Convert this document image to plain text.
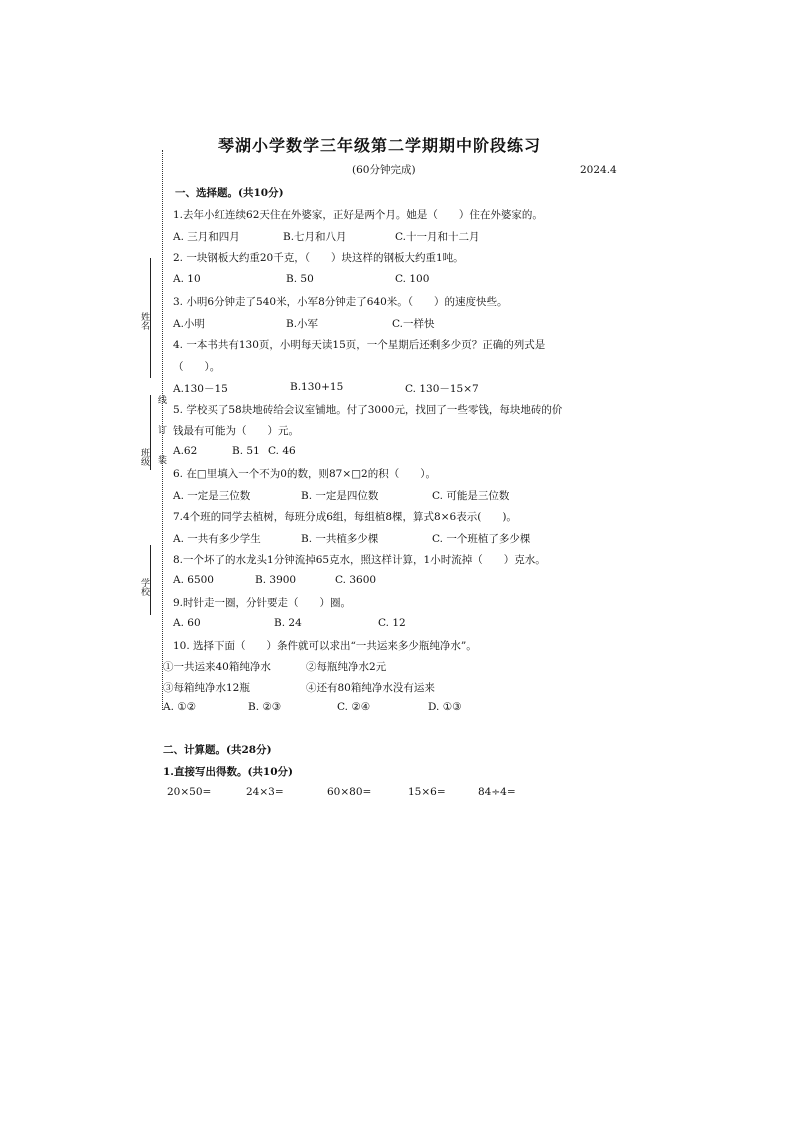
琴湖小学数学三年级第二学期期中阶段练习
(60分钟完成)	2024.4
姓名
班级
学校
线
订
装
一、选择题。(共10分)
1.去年小红连续62天住在外婆家，正好是两个月。她是（　　）住在外婆家的。
A. 三月和四月	B.七月和八月	C.十一月和十二月
2. 一块钢板大约重20千克，（　　）块这样的钢板大约重1吨。
A. 10	B. 50	C. 100
3. 小明6分钟走了540米，小军8分钟走了640米。（　　）的速度快些。
A.小明	B.小军	C.一样快
4. 一本书共有130页，小明每天读15页，一个星期后还剩多少页？正确的列式是
（　　）。
A.130－15	B.130+15	C. 130－15×7
5. 学校买了58块地砖给会议室铺地。付了3000元，找回了一些零钱，每块地砖的价
钱最有可能为（　　）元。
A.62	B. 51 C. 46
6. 在□里填入一个不为0的数，则87×□2的积（　　）。
A. 一定是三位数	B. 一定是四位数	C. 可能是三位数
7.4个班的同学去植树，每班分成6组，每组植8棵，算式8×6表示(　　)。
A. 一共有多少学生	B. 一共植多少棵	C. 一个班植了多少棵
8.一个坏了的水龙头1分钟流掉65克水，照这样计算，1小时流掉（　　）克水。
A. 6500	B. 3900	C. 3600
9.时针走一圈，分针要走（　　）圈。
A. 60	B. 24	C. 12
10. 选择下面（　　）条件就可以求出“一共运来多少瓶纯净水”。
①一共运来40箱纯净水	②每瓶纯净水2元
③每箱纯净水12瓶	④还有80箱纯净水没有运来
A. ①②	B. ②③	C. ②④	D. ①③
二、计算题。(共28分)
1.直接写出得数。(共10分)
20×50=	24×3=	60×80=	15×6=	84÷4=
